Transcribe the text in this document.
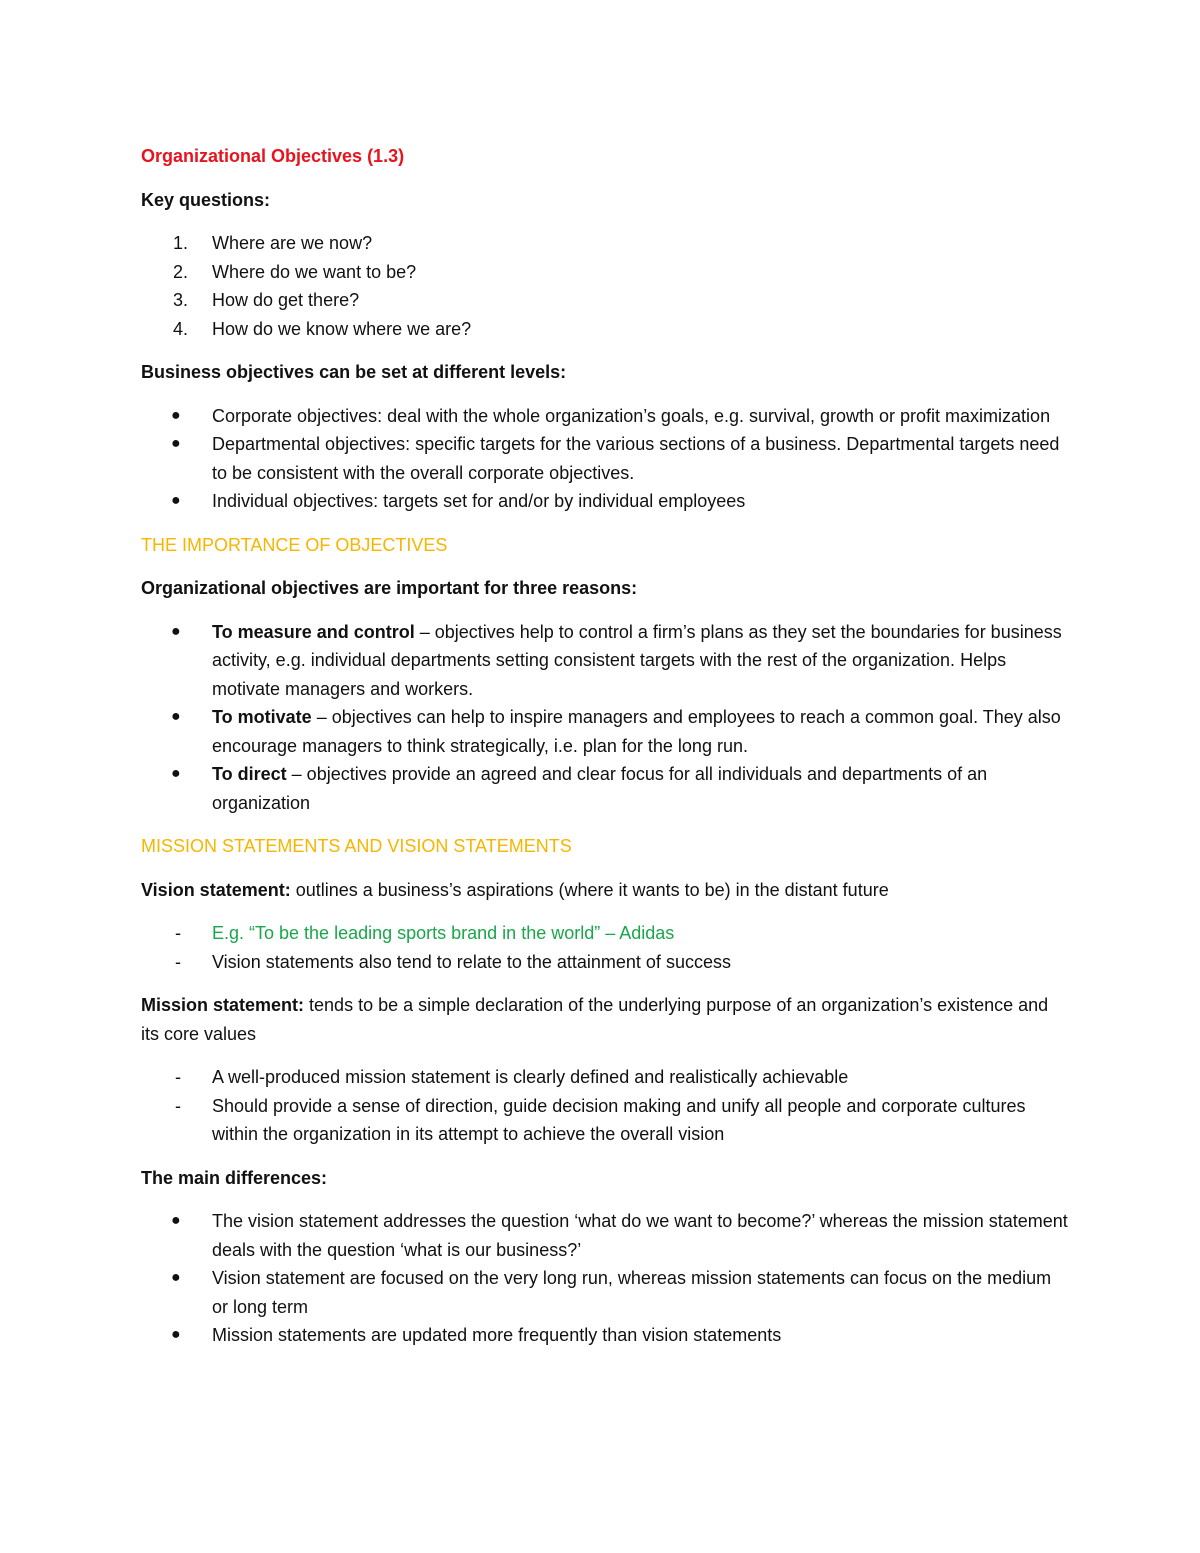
Organizational Objectives (1.3)

Key questions:

1. Where are we now?
2. Where do we want to be?
3. How do get there?
4. How do we know where we are?

Business objectives can be set at different levels:

● Corporate objectives: deal with the whole organization’s goals, e.g. survival, growth or profit maximization
● Departmental objectives: specific targets for the various sections of a business. Departmental targets need to be consistent with the overall corporate objectives.
● Individual objectives: targets set for and/or by individual employees

THE IMPORTANCE OF OBJECTIVES

Organizational objectives are important for three reasons:

● To measure and control – objectives help to control a firm’s plans as they set the boundaries for business activity, e.g. individual departments setting consistent targets with the rest of the organization. Helps motivate managers and workers.
● To motivate – objectives can help to inspire managers and employees to reach a common goal. They also encourage managers to think strategically, i.e. plan for the long run.
● To direct – objectives provide an agreed and clear focus for all individuals and departments of an organization

MISSION STATEMENTS AND VISION STATEMENTS

Vision statement: outlines a business’s aspirations (where it wants to be) in the distant future

- E.g. “To be the leading sports brand in the world” – Adidas
- Vision statements also tend to relate to the attainment of success

Mission statement: tends to be a simple declaration of the underlying purpose of an organization’s existence and its core values

- A well-produced mission statement is clearly defined and realistically achievable
- Should provide a sense of direction, guide decision making and unify all people and corporate cultures within the organization in its attempt to achieve the overall vision

The main differences:

● The vision statement addresses the question ‘what do we want to become?’ whereas the mission statement deals with the question ‘what is our business?’
● Vision statement are focused on the very long run, whereas mission statements can focus on the medium or long term
● Mission statements are updated more frequently than vision statements
